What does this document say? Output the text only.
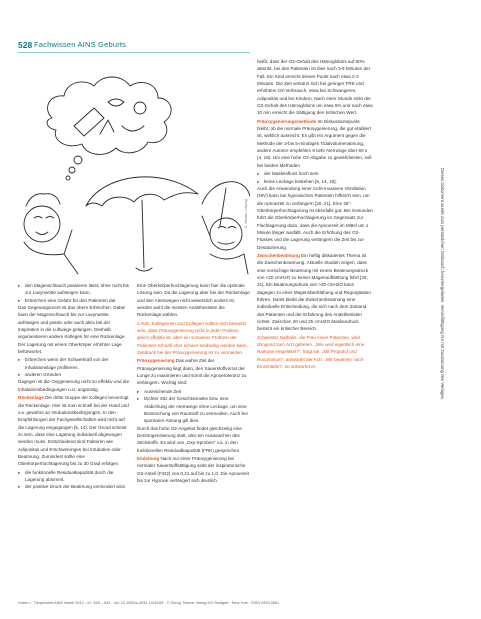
528 Fachwissen AINS Geburts
C. Hauser, Leipzig
▸ den Magenschlauch passieren lässt, ohne nicht bis zur Lavynwötte aufsteigen kann.
▸ Erbrechen eine Gefahr für den Patienten dar.

Das Gegenargument ist das obere Erbrechen. Dabei kann der Magenschlauch bis zur Lavynwötte aufsteigen und passiv oder auch aktiv bei der Inspiration in die Luftwege gelangen. Deshalb argumentieren andere Kollegen für eine Rückenlage. Der Lagerung mit einem Oberkörper erhöhter Lage befürwortet.

▸ Erbrechen wenn der Schwerkraft von der Inhalationslage profitieren.
▸ anderen Gründen

Dagegen ist die Oxygenierung nicht so effektiv und die Inhalationsbedingungen u.U. ungünstig.

Rückenlage Die dritte Gruppe der Kollegen bevorzugt die Rückenlage. Hier ist man schnell bei der Hand und v.a. gewöhnt an Intubationsbedingungen. In den Empfehlungen der Fachgesellschaften wird nicht auf die Lagerung eingegangen [5, 14]. Der Grund scheint zu sein, dass eine Lagerung individuell abgewogen werden muss. Entscheidend sind Faktoren wie Adipositas und Erschwerungen bei Intubation oder Beatmung. Zumindest sollte eine Oberkörperhochlagerung bis zu 30 Grad erfolgen.

▸ die funktionelle Residualkapazität durch die Lagerung abnimmt.
▸ der positive Druck der Beatmung vermindert wird.

Eine Oberkörperhochlagerung kann hier die optimale Lösung sein. Da die Lagerung aber bei der Rückenlage und den Atemwegen nicht wesentlich anders ist, werden wohl die meisten Anästhesisten die Rückenlage wählen.

CAVE: Kolleginnen und Kollegen sollten sich bewusst sein, dass Präoxygenierung nicht in jeder Position gleich effektiv ist, aber ein schweres Problem der Patienten schnell eher schwer beidseitig werden kann. Zeitdruck bei der Präoxygenierung ist zu vermeiden.

Präoxygenierung Das wahre Ziel der Präoxygenierung liegt darin, den Sauerstoffvorrat der Lunge zu maximieren und somit die Apnoetoleranz zu verlängern. Wichtig sind:

▸ Ausreichende Zeit
▸ Dichter Sitz der Gesichtsmaske bzw. eine Abdichtung der Atemwege ohne Leckage, um eine Beimischung von Raumluft zu vermeiden. Auch bei spontaner Atmung gilt dies.

Durch das hohe O2-Angebot findet gleichzeitig eine Denitrogenisierung statt, also ein Auswaschen des Stickstoffs. Es wird von „Oxy-Sproben“ v.a. in den funktionellen Residualkapazität (FRK) gesprochen.

Einleitung Nach nur einer Präoxygenierung bei normaler Sauerstoffsättigung sinkt der inspiratorische O2-Anteil (FiO2) von 0,21 auf bis zu 1,0. Die Apnoezeit bis zur Hypoxie verlängert sich deutlich.

heißt, dass der O2-Gehalt des Hämoglobins auf 80% absinkt, bei den Patienten ist dies nach 3-6 Minuten der Fall. Ein Kind erreicht diesen Punkt nach etwa 2-3 Minuten. Die Zeit verkürzt sich bei geringer FRK und erhöhtem O2-Verbrauch, etwa bei Schwangeren, Adipositas und bei Kindern. Nach einer Stunde sinkt der O2-Gehalt des Hämoglobins um etwa 5% und nach etwa 10 min erreicht die Sättigung den kritischen Wert.

Präoxygenierungsmethode Im Diskussionspunkt bleibt, ob die normale Präoxygenierung, die gut etabliert ist, wirklich ausreicht. Es gibt ein Argument gegen die Methode der 3-bis 5-minütigen Tidalvolumenatmung, andere Autoren empfehlen 8 tiefe Atemzüge über 60 s (4, 18). Um eine hohe O2-Abgabe zu gewährleisten, soll bei beiden Methoden

▸ der Maskenfluss hoch sein
▸ keine Leckage bestehen [6, 14, 19].

Auch die Anwendung einer nicht-invasiven Ventilation (NIV) kann bei hypoxischen Patienten hilfreich sein, um die Apnoezeit zu verlängern [20, 21]. Eine 25°-Oberkörperhochlagerung ist ebenfalls gut. Bei Gesunden führt die Oberkörperhochlagerung im Gegensatz zur Flachlagerung dazu, dass die Apnoezeit im Mittel um 1 Minute länger ausfällt. Auch die Erhöhung des O2-Flusses und die Lagerung verlängern die Zeit bis zur Desaturierung.

Zwischenbeatmung Ein heftig diskutiertes Thema ist die Zwischenbeatmung. Aktuelle Studien zeigen, dass eine vorsichtige Beatmung mit einem Beatmungsdruck von <20 cmH2O zu keiner Magenaufblähung führt [20, 21]. Ein Beatmungsdruck von >20 cmH2O kann dagegen zu einer Magenüberblähung und Regurgitation führen. Damit bleibt die Zwischenbeatmung eine individuelle Entscheidung, die sich nach dem Zustand des Patienten und der Erfahrung des Anästhesisten richtet. Zwischen 20 und 25 cmH2O Maskendruck besteht ein kritischer Bereich.

Schwester Nathalie, die Frau eines Patienten, wird dringend zum Arzt gebeten. „Wie wird eigentlich eine Narkose eingeleitet?“, fragt sie. „Mit Propofol und Rocuronium“, antwortet der Arzt. „Wir beatmen nach Einschlafen“, so antwortet er.	Dieses Dokument wurde zum persönlichen Gebrauch heruntergeladen. Vervielfältigung nur mit Zustimmung des Verlages.
Huber L. Tierpendels AINS Nahrb 2012 ; 47: 526 – 533 · doi: 10.1055/s-0032-1315183 · © Georg Thieme Verlag KG Stuttgart · New York · ISSN 0939-2661
